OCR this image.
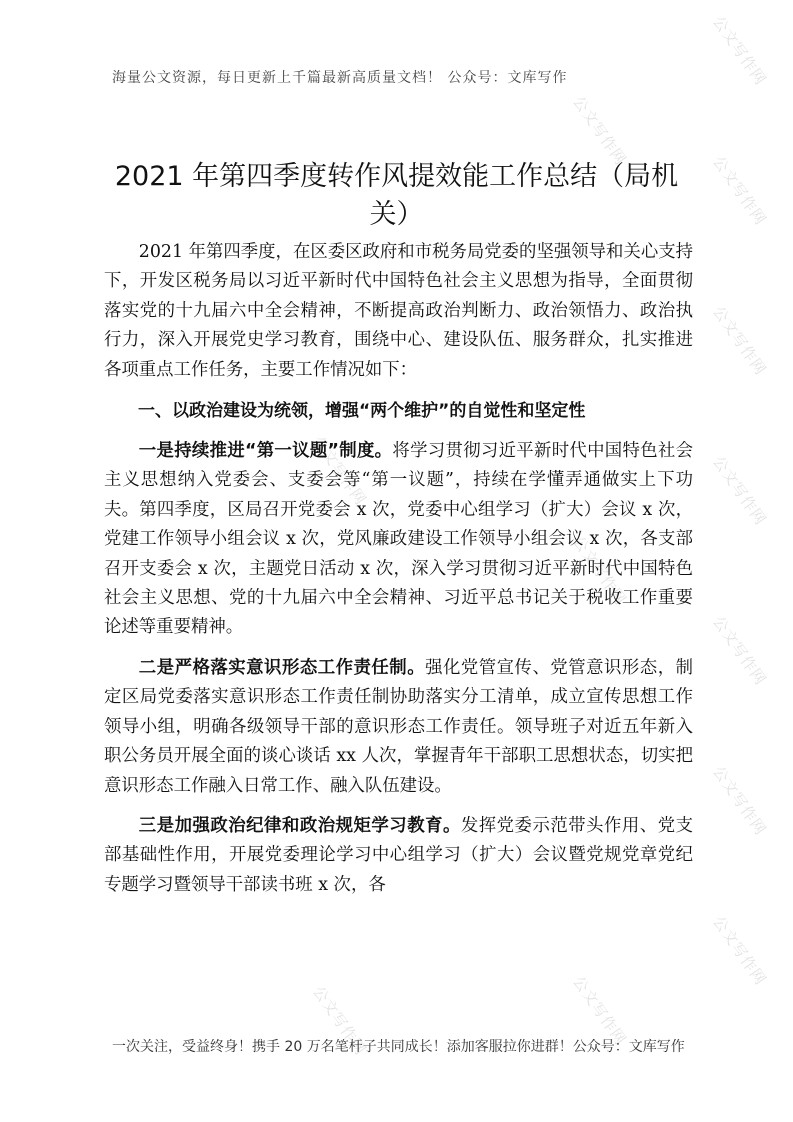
公文写作网
公文写作网
公文写作网
公文写作网
公文写作网
公文写作网
公文写作网
公文写作网
公文写作网
公文写作网
公文写作网
公文写作网
海量公文资源，每日更新上千篇最新高质量文档！ 公众号：文库写作
2021 年第四季度转作风提效能工作总结（局机关）

2021 年第四季度，在区委区政府和市税务局党委的坚强领导和关心支持下，开发区税务局以习近平新时代中国特色社会主义思想为指导，全面贯彻落实党的十九届六中全会精神，不断提高政治判断力、政治领悟力、政治执行力，深入开展党史学习教育，围绕中心、建设队伍、服务群众，扎实推进各项重点工作任务，主要工作情况如下：

一、以政治建设为统领，增强“两个维护”的自觉性和坚定性

一是持续推进“第一议题”制度。将学习贯彻习近平新时代中国特色社会主义思想纳入党委会、支委会等“第一议题”，持续在学懂弄通做实上下功夫。第四季度，区局召开党委会 x 次，党委中心组学习（扩大）会议 x 次，党建工作领导小组会议 x 次，党风廉政建设工作领导小组会议 x 次，各支部召开支委会 x 次，主题党日活动 x 次，深入学习贯彻习近平新时代中国特色社会主义思想、党的十九届六中全会精神、习近平总书记关于税收工作重要论述等重要精神。

二是严格落实意识形态工作责任制。强化党管宣传、党管意识形态，制定区局党委落实意识形态工作责任制协助落实分工清单，成立宣传思想工作领导小组，明确各级领导干部的意识形态工作责任。领导班子对近五年新入职公务员开展全面的谈心谈话 xx 人次，掌握青年干部职工思想状态，切实把意识形态工作融入日常工作、融入队伍建设。

三是加强政治纪律和政治规矩学习教育。发挥党委示范带头作用、党支部基础性作用，开展党委理论学习中心组学习（扩大）会议暨党规党章党纪专题学习暨领导干部读书班 x 次，各

一次关注，受益终身！携手 20 万名笔杆子共同成长！添加客服拉你进群！公众号：文库写作
